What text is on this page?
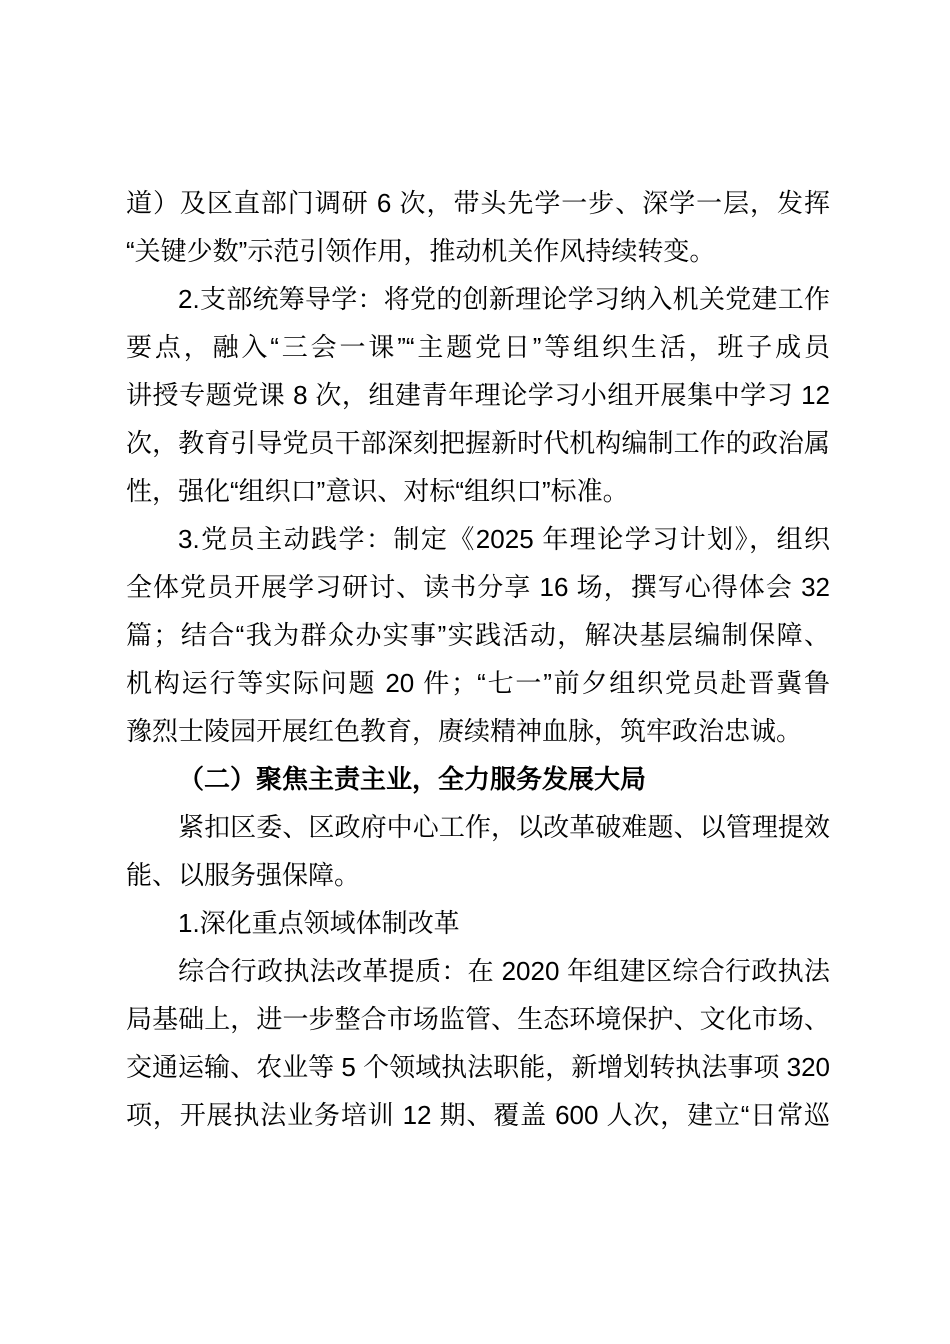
道）及区直部门调研 6 次，带头先学一步、深学一层，发挥
“关键少数”示范引领作用，推动机关作风持续转变。
2.支部统筹导学：将党的创新理论学习纳入机关党建工作
要点，融入“三会一课”“主题党日”等组织生活，班子成员
讲授专题党课 8 次，组建青年理论学习小组开展集中学习 12
次，教育引导党员干部深刻把握新时代机构编制工作的政治属
性，强化“组织口”意识、对标“组织口”标准。
3.党员主动践学：制定《2025 年理论学习计划》，组织
全体党员开展学习研讨、读书分享 16 场，撰写心得体会 32
篇；结合“我为群众办实事”实践活动，解决基层编制保障、
机构运行等实际问题 20 件；“七一”前夕组织党员赴晋冀鲁
豫烈士陵园开展红色教育，赓续精神血脉，筑牢政治忠诚。
（二）聚焦主责主业，全力服务发展大局
紧扣区委、区政府中心工作，以改革破难题、以管理提效
能、以服务强保障。
1.深化重点领域体制改革
综合行政执法改革提质：在 2020 年组建区综合行政执法
局基础上，进一步整合市场监管、生态环境保护、文化市场、
交通运输、农业等 5 个领域执法职能，新增划转执法事项 320
项，开展执法业务培训 12 期、覆盖 600 人次，建立“日常巡
